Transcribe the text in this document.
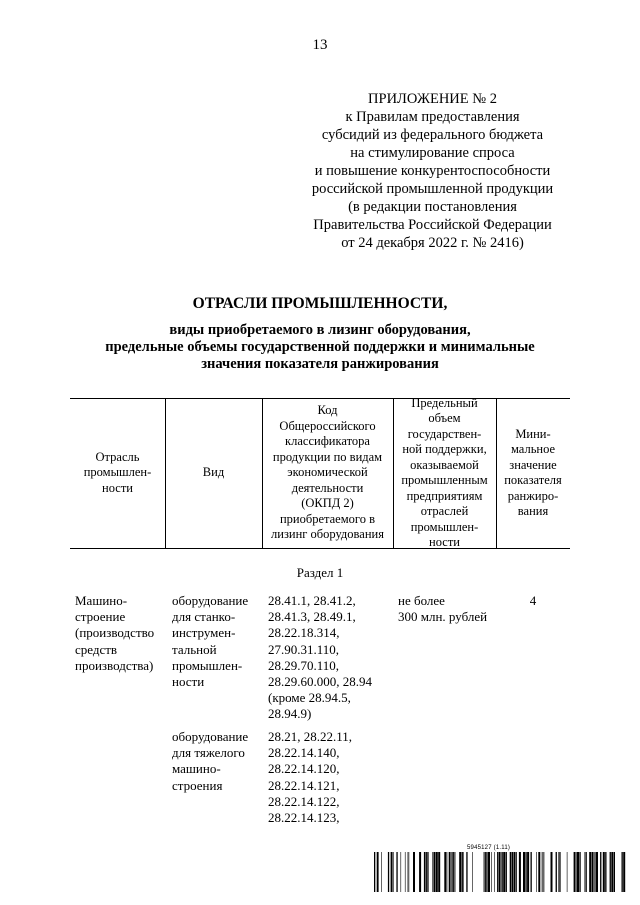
13
ПРИЛОЖЕНИЕ № 2
к Правилам предоставления
субсидий из федерального бюджета
на стимулирование спроса
и повышение конкурентоспособности
российской промышленной продукции
(в редакции постановления
Правительства Российской Федерации
от 24 декабря 2022 г. № 2416)
ОТРАСЛИ ПРОМЫШЛЕННОСТИ,
виды приобретаемого в лизинг оборудования,
предельные объемы государственной поддержки и минимальные
значения показателя ранжирования
Отрасль
промышлен-
ности
Вид
Код
Общероссийского
классификатора
продукции по видам
экономической
деятельности
(ОКПД 2)
приобретаемого в
лизинг оборудования
Предельный
объем
государствен-
ной поддержки,
оказываемой
промышленным
предприятиям
отраслей
промышлен-
ности
Мини-
мальное
значение
показателя
ранжиро-
вания
Раздел 1
Машино-
строение
(производство
средств
производства)
оборудование
для станко-
инструмен-
тальной
промышлен-
ности
28.41.1, 28.41.2,
28.41.3, 28.49.1,
28.22.18.314,
27.90.31.110,
28.29.70.110,
28.29.60.000, 28.94
(кроме 28.94.5,
28.94.9)
не более
300 млн. рублей
4
оборудование
для тяжелого
машино-
строения
28.21, 28.22.11,
28.22.14.140,
28.22.14.120,
28.22.14.121,
28.22.14.122,
28.22.14.123,
5945127 (1.11)
